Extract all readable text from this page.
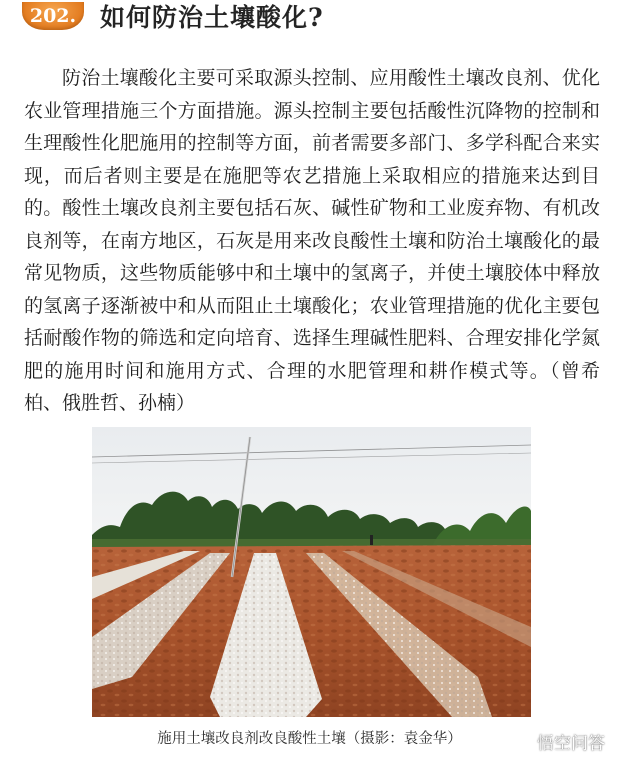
202. 如何防治土壤酸化?

防治土壤酸化主要可采取源头控制、应用酸性土壤改良剂、优化农业管理措施三个方面措施。源头控制主要包括酸性沉降物的控制和生理酸性化肥施用的控制等方面，前者需要多部门、多学科配合来实现，而后者则主要是在施肥等农艺措施上采取相应的措施来达到目的。酸性土壤改良剂主要包括石灰、碱性矿物和工业废弃物、有机改良剂等，在南方地区，石灰是用来改良酸性土壤和防治土壤酸化的最常见物质，这些物质能够中和土壤中的氢离子，并使土壤胶体中释放的氢离子逐渐被中和从而阻止土壤酸化；农业管理措施的优化主要包括耐酸作物的筛选和定向培育、选择生理碱性肥料、合理安排化学氮肥的施用时间和施用方式、合理的水肥管理和耕作模式等。（曾希柏、俄胜哲、孙楠）

施用土壤改良剂改良酸性土壤（摄影：袁金华）	悟空问答
